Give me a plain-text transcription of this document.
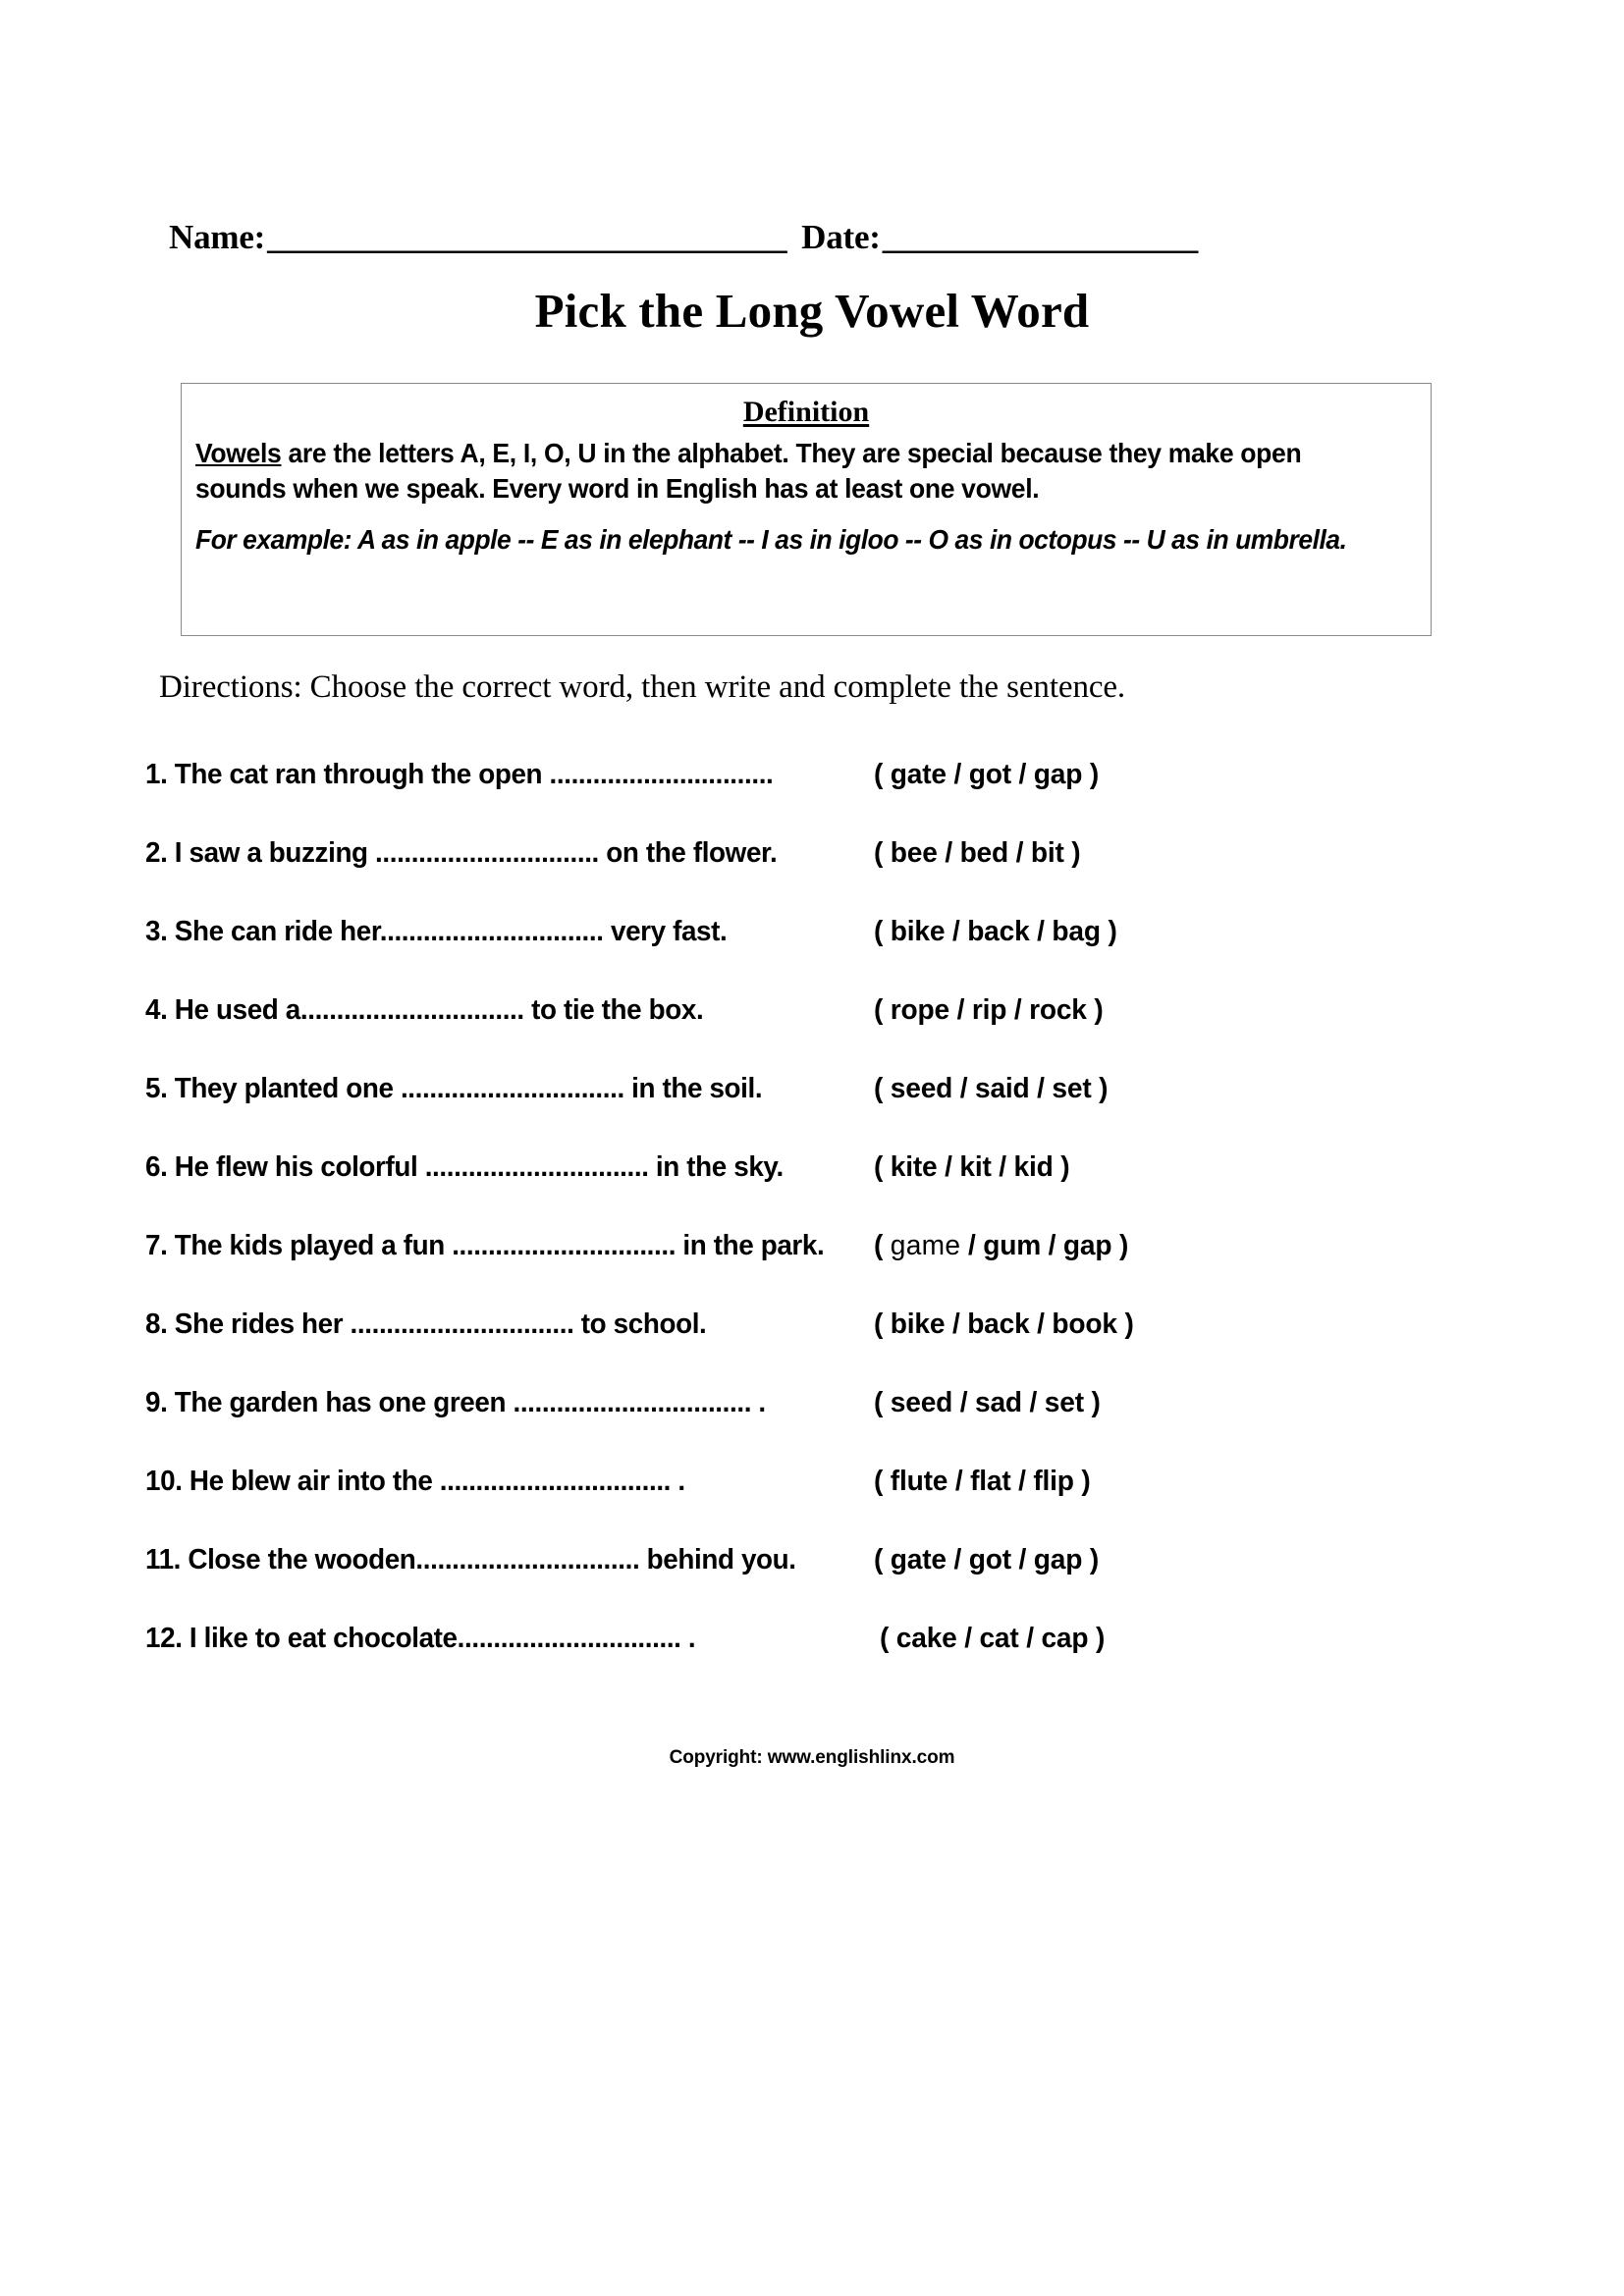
Name: _________________________________ Date: ____________________
Pick the Long Vowel Word
Definition
Vowels are the letters A, E, I, O, U in the alphabet. They are special because they make open sounds when we speak. Every word in English has at least one vowel.
For example: A as in apple -- E as in elephant -- I as in igloo -- O as in octopus -- U as in umbrella.
Directions: Choose the correct word, then write and complete the sentence.
1. The cat ran through the open ...............................	( gate / got / gap )
2. I saw a buzzing ............................... on the flower.	( bee / bed / bit )
3. She can ride her............................... very fast.	( bike / back / bag )
4. He used a............................... to tie the box.	( rope / rip / rock )
5. They planted one ............................... in the soil.	( seed / said / set )
6. He flew his colorful ............................... in the sky.	( kite / kit / kid )
7. The kids played a fun ............................... in the park. ( game / gum / gap )
8. She rides her ............................... to school.	( bike / back / book )
9. The garden has one green ................................. .	( seed / sad / set )
10. He blew air into the ................................ .	( flute / flat / flip )
11. Close the wooden............................... behind you.	( gate / got / gap )
12. I like to eat chocolate............................... .	( cake / cat / cap )
Copyright: www.englishlinx.com
